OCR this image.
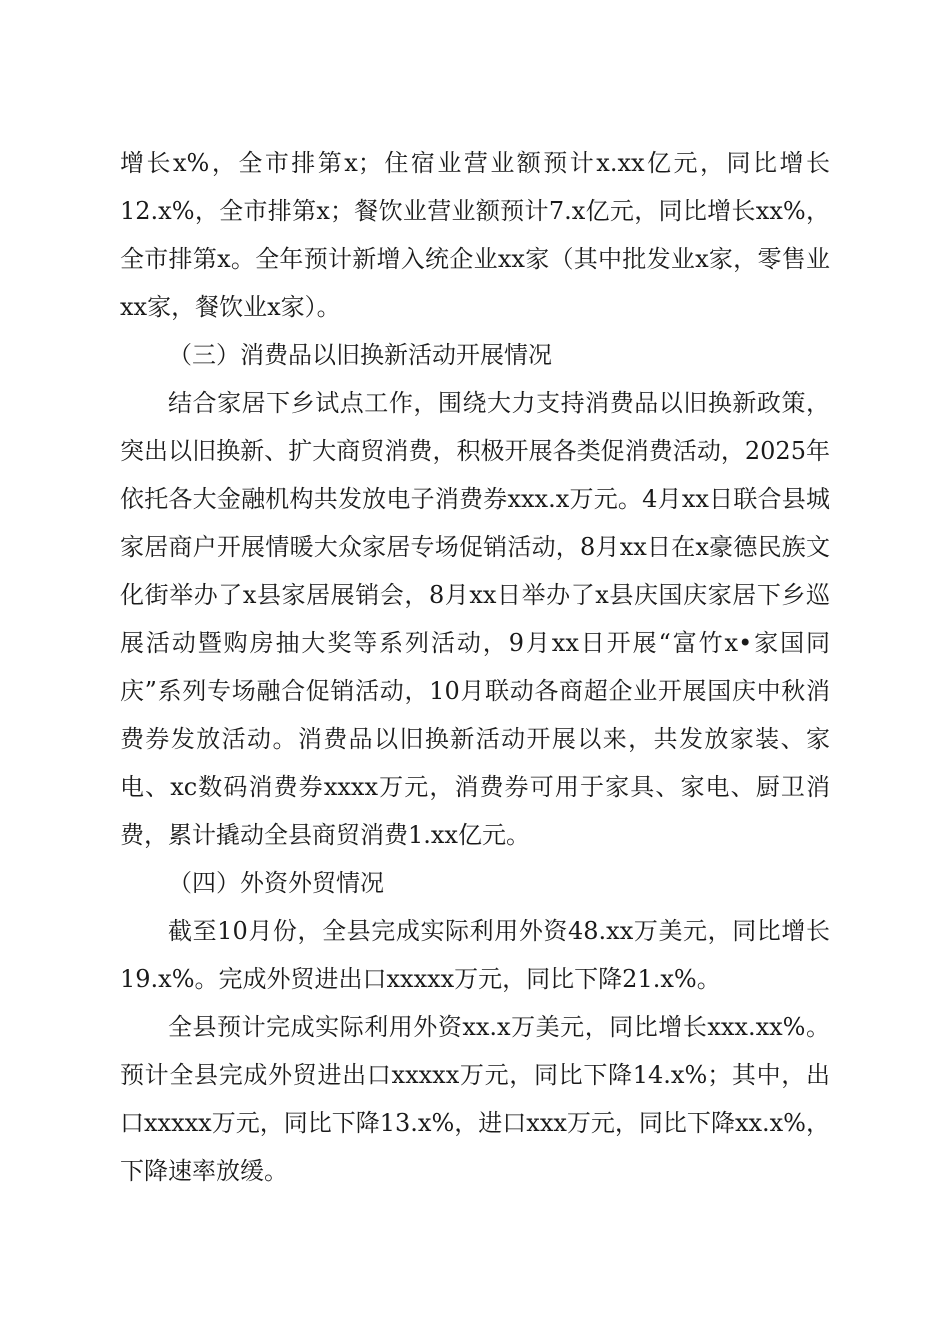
增长x%，全市排第x；住宿业营业额预计x.xx亿元，同比增长12.x%，全市排第x；餐饮业营业额预计7.x亿元，同比增长xx%，全市排第x。全年预计新增入统企业xx家（其中批发业x家，零售业xx家，餐饮业x家）。

（三）消费品以旧换新活动开展情况

结合家居下乡试点工作，围绕大力支持消费品以旧换新政策，突出以旧换新、扩大商贸消费，积极开展各类促消费活动，2025年依托各大金融机构共发放电子消费券xxx.x万元。4月xx日联合县城家居商户开展情暖大众家居专场促销活动，8月xx日在x豪德民族文化街举办了x县家居展销会，8月xx日举办了x县庆国庆家居下乡巡展活动暨购房抽大奖等系列活动，9月xx日开展“富竹x•家国同庆”系列专场融合促销活动，10月联动各商超企业开展国庆中秋消费券发放活动。消费品以旧换新活动开展以来，共发放家装、家电、xc数码消费券xxxx万元，消费券可用于家具、家电、厨卫消费，累计撬动全县商贸消费1.xx亿元。

（四）外资外贸情况

截至10月份，全县完成实际利用外资48.xx万美元，同比增长19.x%。完成外贸进出口xxxxx万元，同比下降21.x%。

全县预计完成实际利用外资xx.x万美元，同比增长xxx.xx%。预计全县完成外贸进出口xxxxx万元，同比下降14.x%；其中，出口xxxxx万元，同比下降13.x%，进口xxx万元，同比下降xx.x%，下降速率放缓。
